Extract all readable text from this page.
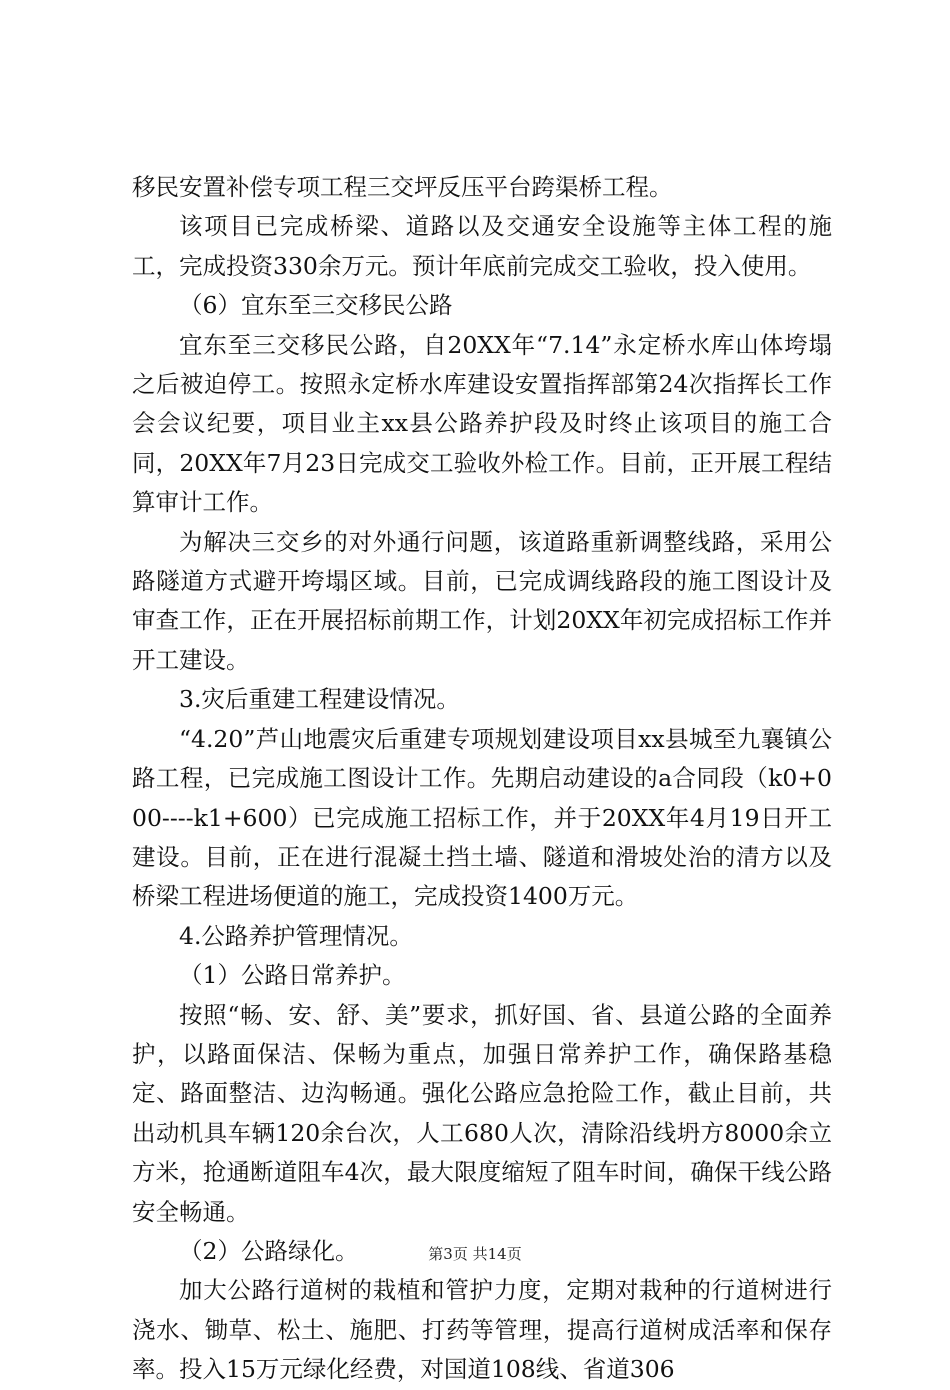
移民安置补偿专项工程三交坪反压平台跨渠桥工程。

该项目已完成桥梁、道路以及交通安全设施等主体工程的施工，完成投资330余万元。预计年底前完成交工验收，投入使用。

（6）宜东至三交移民公路

宜东至三交移民公路，自20XX年“7.14”永定桥水库山体垮塌之后被迫停工。按照永定桥水库建设安置指挥部第24次指挥长工作会会议纪要，项目业主xx县公路养护段及时终止该项目的施工合同，20XX年7月23日完成交工验收外检工作。目前，正开展工程结算审计工作。

为解决三交乡的对外通行问题，该道路重新调整线路，采用公路隧道方式避开垮塌区域。目前，已完成调线路段的施工图设计及审查工作，正在开展招标前期工作，计划20XX年初完成招标工作并开工建设。

3.灾后重建工程建设情况。

“4.20”芦山地震灾后重建专项规划建设项目xx县城至九襄镇公路工程，已完成施工图设计工作。先期启动建设的a合同段（k0+000----k1+600）已完成施工招标工作，并于20XX年4月19日开工建设。目前，正在进行混凝土挡土墙、隧道和滑坡处治的清方以及桥梁工程进场便道的施工，完成投资1400万元。

4.公路养护管理情况。

（1）公路日常养护。

按照“畅、安、舒、美”要求，抓好国、省、县道公路的全面养护，以路面保洁、保畅为重点，加强日常养护工作，确保路基稳定、路面整洁、边沟畅通。强化公路应急抢险工作，截止目前，共出动机具车辆120余台次，人工680人次，清除沿线坍方8000余立方米，抢通断道阻车4次，最大限度缩短了阻车时间，确保干线公路安全畅通。

（2）公路绿化。

加大公路行道树的栽植和管护力度，定期对栽种的行道树进行浇水、锄草、松土、施肥、打药等管理，提高行道树成活率和保存率。投入15万元绿化经费，对国道108线、省道306

第3页 共14页
